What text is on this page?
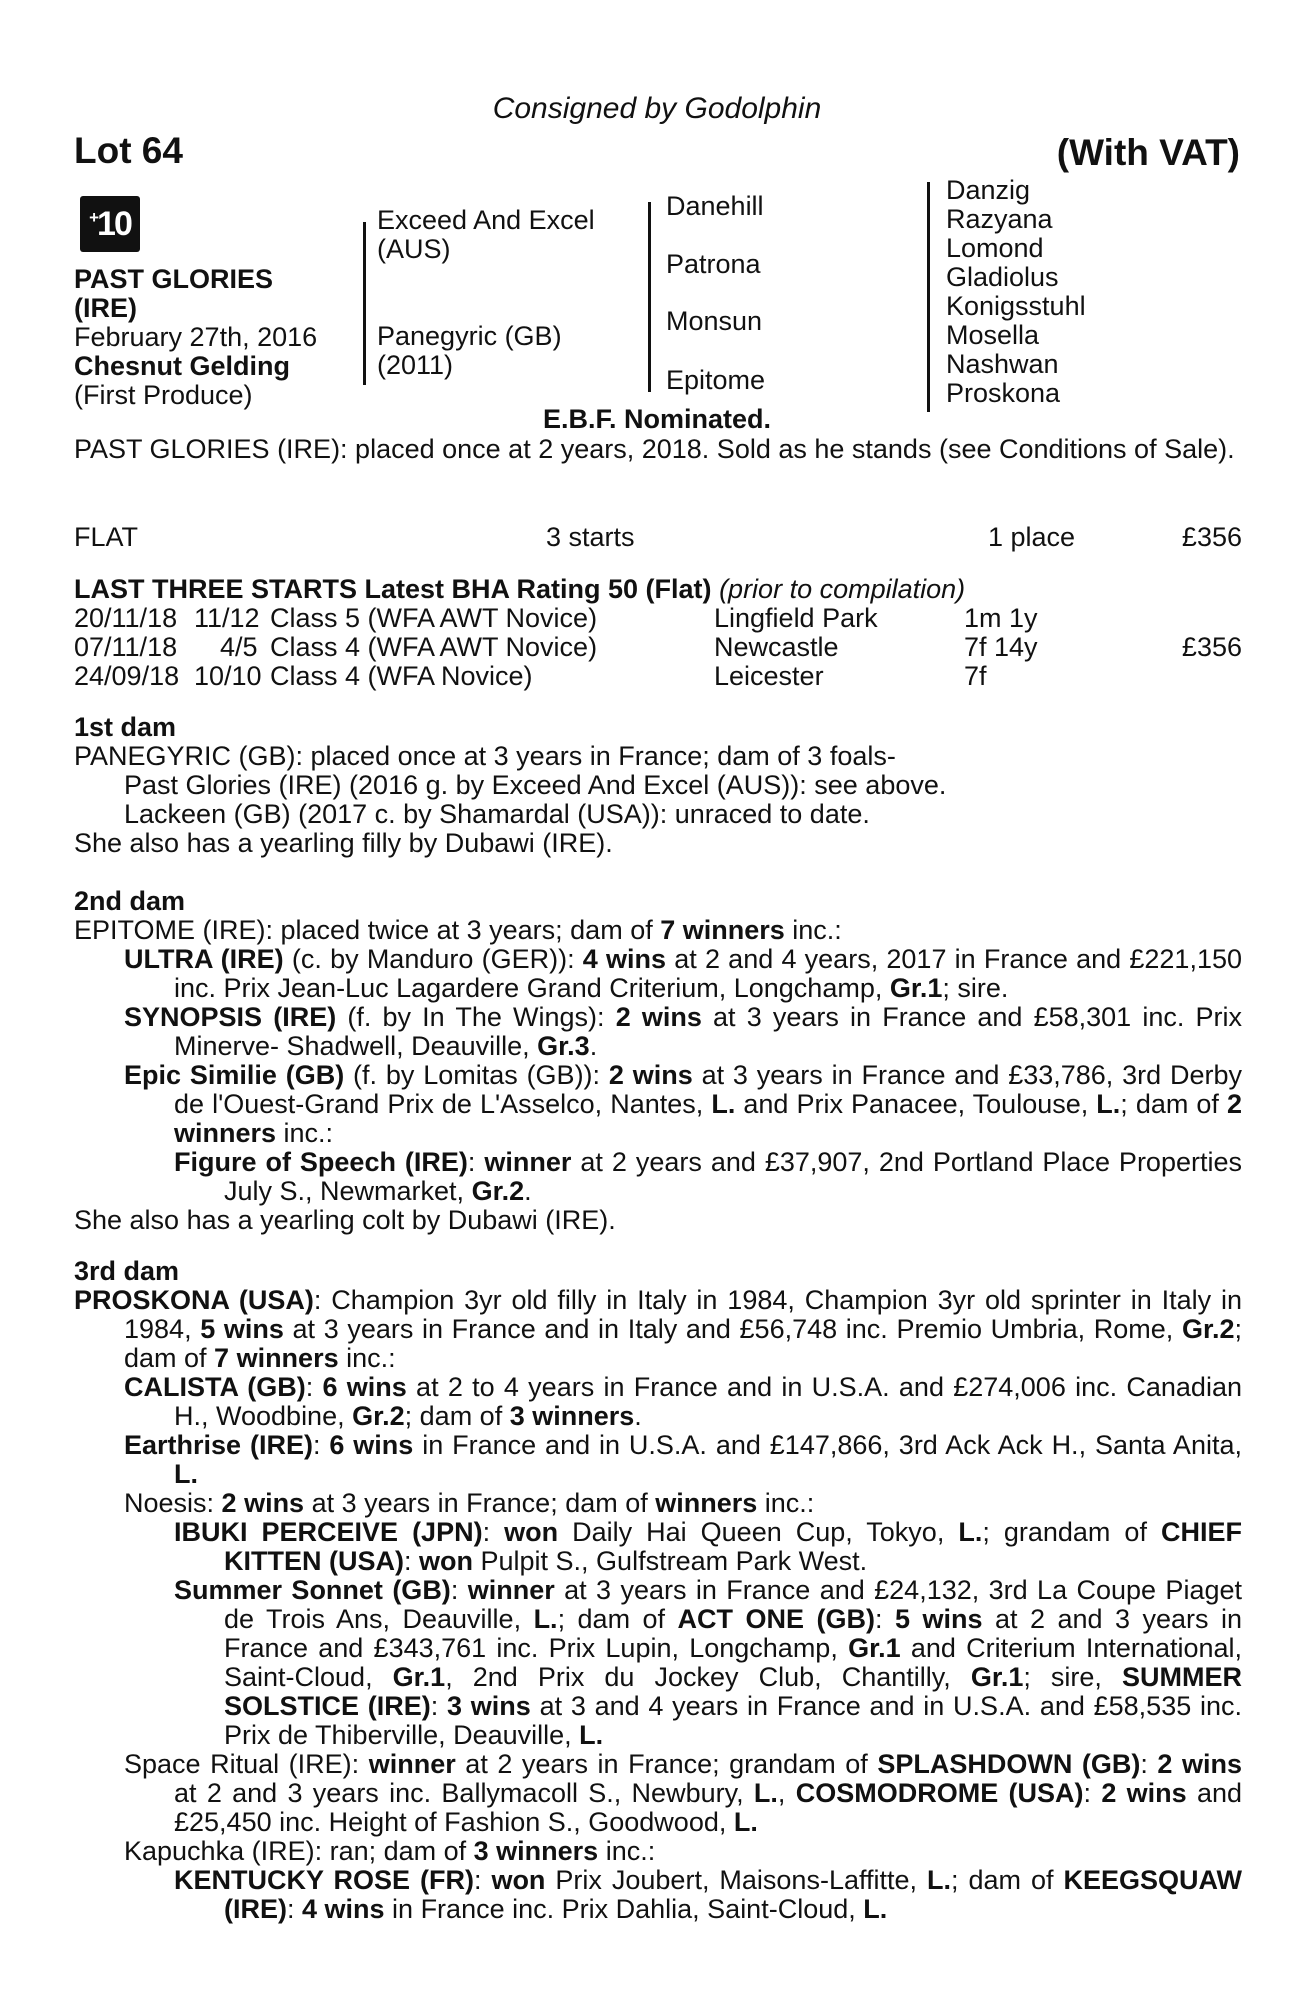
Consigned by Godolphin
Lot 64	(With VAT)
+10
PAST GLORIES
(IRE)
February 27th, 2016
Chesnut Gelding
(First Produce)
Exceed And Excel
(AUS)
Panegyric (GB)
(2011)
Danehill
Patrona
Monsun
Epitome
Danzig
Razyana
Lomond
Gladiolus
Konigsstuhl
Mosella
Nashwan
Proskona
E.B.F. Nominated.
PAST GLORIES (IRE): placed once at 2 years, 2018. Sold as he stands (see Conditions of Sale).
FLAT	3 starts	1 place	£356
LAST THREE STARTS Latest BHA Rating 50 (Flat) (prior to compilation)
20/11/18 11/12 Class 5 (WFA AWT Novice)	Lingfield Park	1m 1y
07/11/18 4/5 Class 4 (WFA AWT Novice)	Newcastle	7f 14y	£356
24/09/18 10/10 Class 4 (WFA Novice)	Leicester	7f

1st dam

PANEGYRIC (GB): placed once at 3 years in France; dam of 3 foals-

Past Glories (IRE) (2016 g. by Exceed And Excel (AUS)): see above.

Lackeen (GB) (2017 c. by Shamardal (USA)): unraced to date.

She also has a yearling filly by Dubawi (IRE).

2nd dam

EPITOME (IRE): placed twice at 3 years; dam of 7 winners inc.:

ULTRA (IRE) (c. by Manduro (GER)): 4 wins at 2 and 4 years, 2017 in France and £221,150 inc. Prix Jean-Luc Lagardere Grand Criterium, Longchamp, Gr.1; sire.

SYNOPSIS (IRE) (f. by In The Wings): 2 wins at 3 years in France and £58,301 inc. Prix Minerve- Shadwell, Deauville, Gr.3.

Epic Similie (GB) (f. by Lomitas (GB)): 2 wins at 3 years in France and £33,786, 3rd Derby de l'Ouest-Grand Prix de L'Asselco, Nantes, L. and Prix Panacee, Toulouse, L.; dam of 2 winners inc.:

Figure of Speech (IRE): winner at 2 years and £37,907, 2nd Portland Place Properties July S., Newmarket, Gr.2.

She also has a yearling colt by Dubawi (IRE).

3rd dam

PROSKONA (USA): Champion 3yr old filly in Italy in 1984, Champion 3yr old sprinter in Italy in 1984, 5 wins at 3 years in France and in Italy and £56,748 inc. Premio Umbria, Rome, Gr.2; dam of 7 winners inc.:

CALISTA (GB): 6 wins at 2 to 4 years in France and in U.S.A. and £274,006 inc. Canadian H., Woodbine, Gr.2; dam of 3 winners.

Earthrise (IRE): 6 wins in France and in U.S.A. and £147,866, 3rd Ack Ack H., Santa Anita, L.

Noesis: 2 wins at 3 years in France; dam of winners inc.:

IBUKI PERCEIVE (JPN): won Daily Hai Queen Cup, Tokyo, L.; grandam of CHIEF KITTEN (USA): won Pulpit S., Gulfstream Park West.

Summer Sonnet (GB): winner at 3 years in France and £24,132, 3rd La Coupe Piaget de Trois Ans, Deauville, L.; dam of ACT ONE (GB): 5 wins at 2 and 3 years in France and £343,761 inc. Prix Lupin, Longchamp, Gr.1 and Criterium International, Saint-Cloud, Gr.1, 2nd Prix du Jockey Club, Chantilly, Gr.1; sire, SUMMER SOLSTICE (IRE): 3 wins at 3 and 4 years in France and in U.S.A. and £58,535 inc. Prix de Thiberville, Deauville, L.

Space Ritual (IRE): winner at 2 years in France; grandam of SPLASHDOWN (GB): 2 wins at 2 and 3 years inc. Ballymacoll S., Newbury, L., COSMODROME (USA): 2 wins and £25,450 inc. Height of Fashion S., Goodwood, L.

Kapuchka (IRE): ran; dam of 3 winners inc.:

KENTUCKY ROSE (FR): won Prix Joubert, Maisons-Laffitte, L.; dam of KEEGSQUAW (IRE): 4 wins in France inc. Prix Dahlia, Saint-Cloud, L.
